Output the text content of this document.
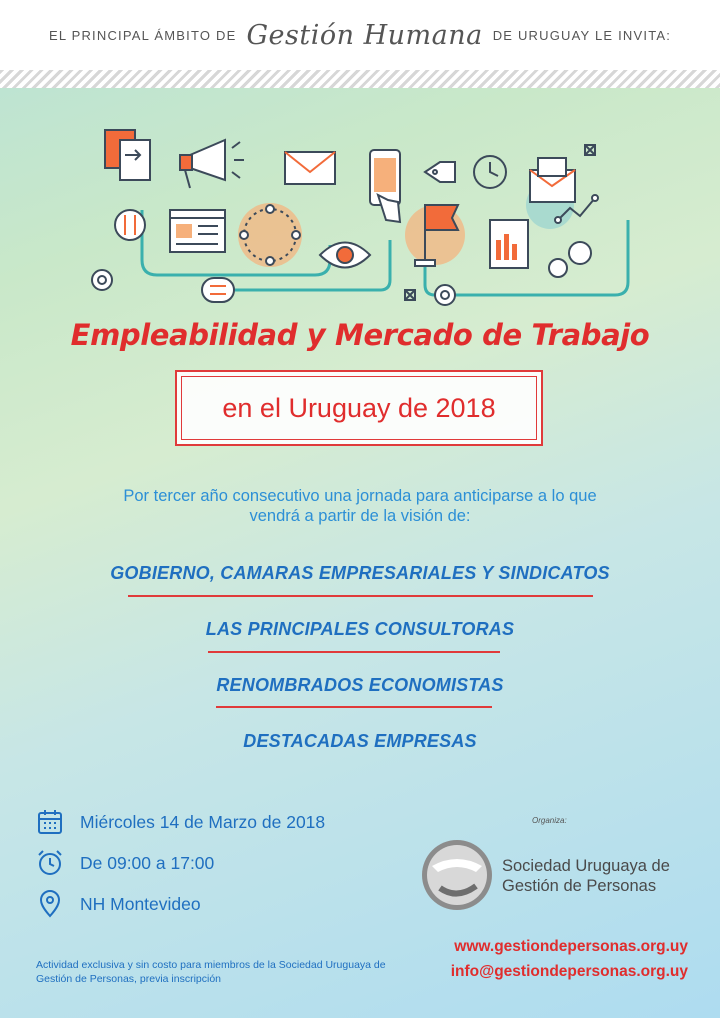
EL PRINCIPAL ÁMBITO DE Gestión Humana DE URUGUAY LE INVITA:
Empleabilidad y Mercado de Trabajo
en el Uruguay de 2018
Por tercer año consecutivo una jornada para anticiparse a lo que vendrá a partir de la visión de:
GOBIERNO, CAMARAS EMPRESARIALES Y SINDICATOS
LAS PRINCIPALES CONSULTORAS
RENOMBRADOS ECONOMISTAS
DESTACADAS EMPRESAS
Miércoles 14 de Marzo de 2018
De 09:00 a 17:00
NH Montevideo
Actividad exclusiva y sin costo para miembros de la Sociedad Uruguaya de Gestión de Personas, previa inscripción
Organiza:
Sociedad Uruguaya de
Gestión de Personas
www.gestiondepersonas.org.uy
info@gestiondepersonas.org.uy
